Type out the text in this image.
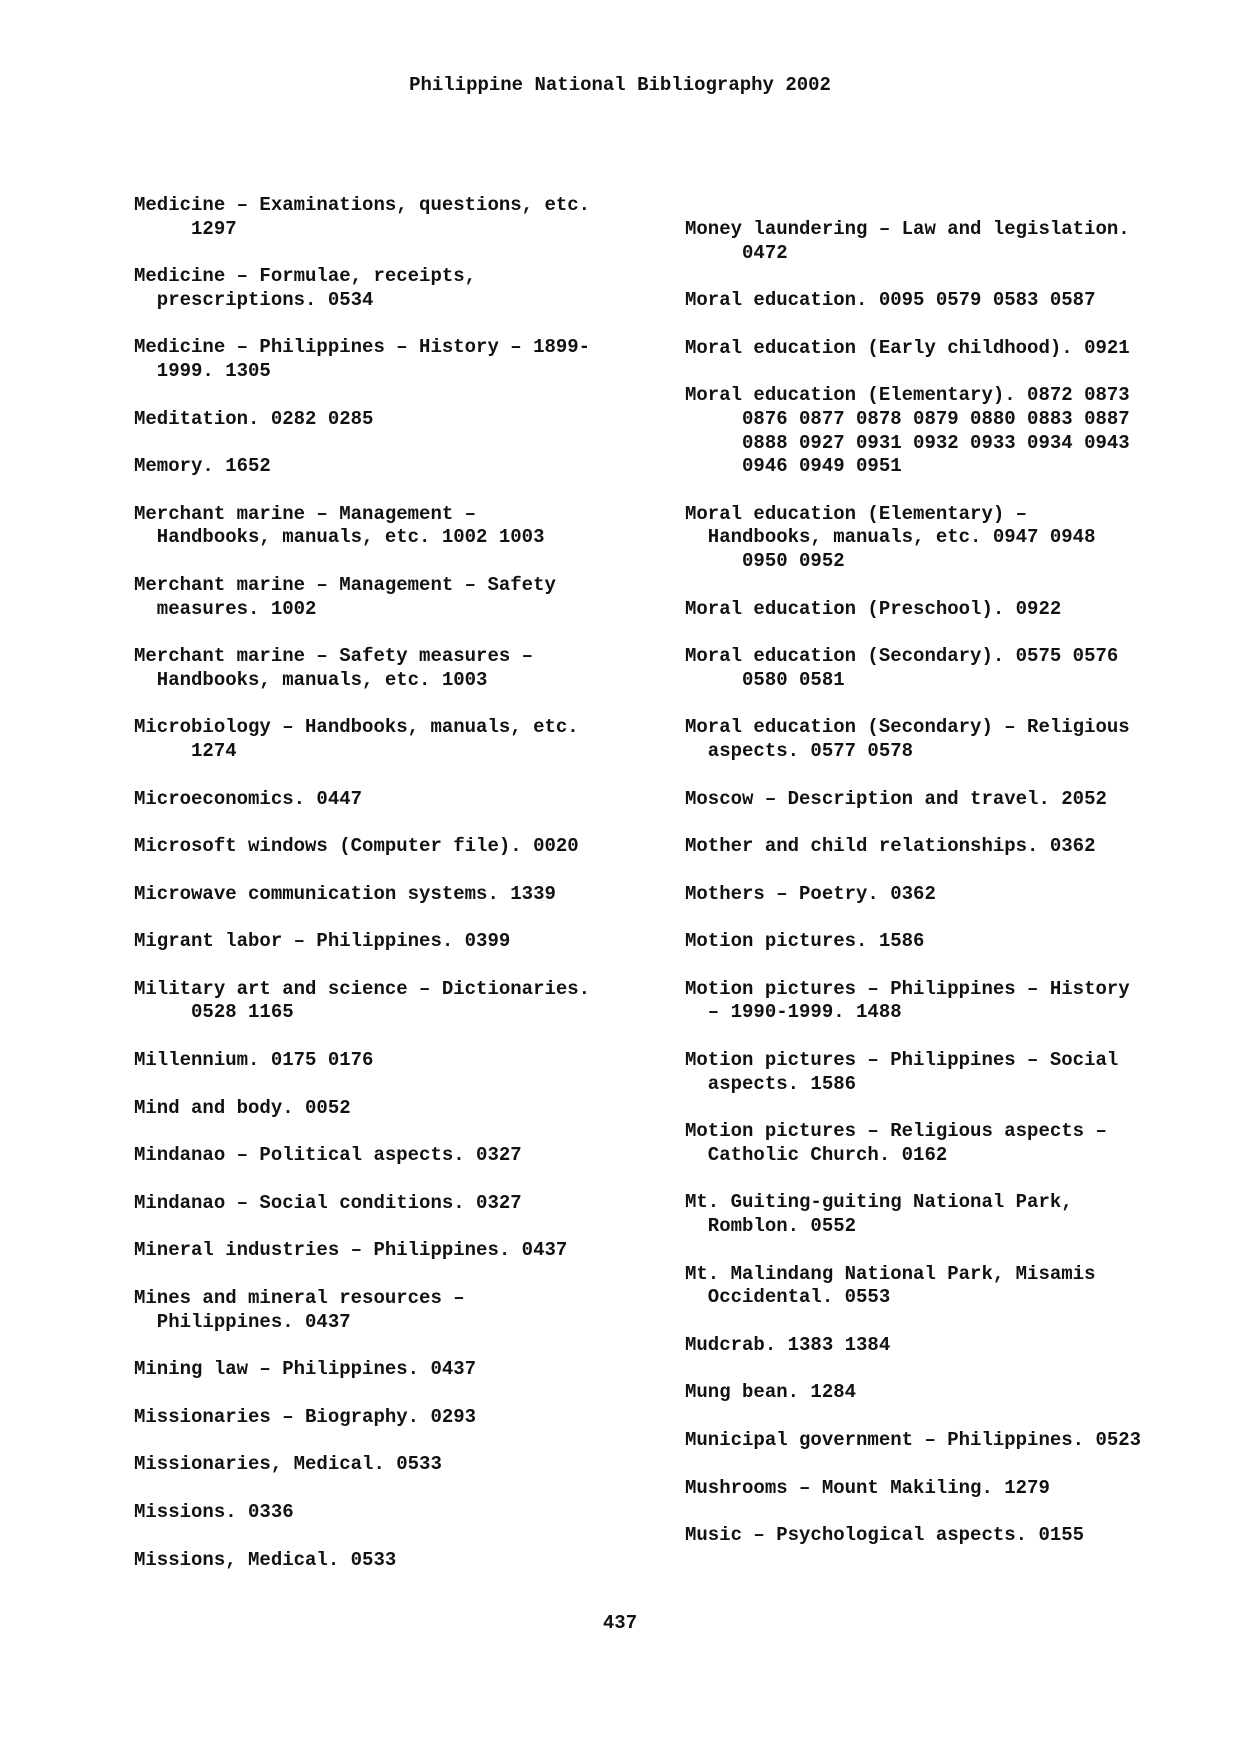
Philippine National Bibliography 2002
Medicine – Examinations, questions, etc.
1297
Medicine – Formulae, receipts,
prescriptions. 0534
Medicine – Philippines – History – 1899-
1999. 1305
Meditation. 0282 0285
Memory. 1652
Merchant marine – Management –
Handbooks, manuals, etc. 1002 1003
Merchant marine – Management – Safety
measures. 1002
Merchant marine – Safety measures –
Handbooks, manuals, etc. 1003
Microbiology – Handbooks, manuals, etc.
1274
Microeconomics. 0447
Microsoft windows (Computer file). 0020
Microwave communication systems. 1339
Migrant labor – Philippines. 0399
Military art and science – Dictionaries.
0528 1165
Millennium. 0175 0176
Mind and body. 0052
Mindanao – Political aspects. 0327
Mindanao – Social conditions. 0327
Mineral industries – Philippines. 0437
Mines and mineral resources –
Philippines. 0437
Mining law – Philippines. 0437
Missionaries – Biography. 0293
Missionaries, Medical. 0533
Missions. 0336
Missions, Medical. 0533
Money laundering – Law and legislation.
0472
Moral education. 0095 0579 0583 0587
Moral education (Early childhood). 0921
Moral education (Elementary). 0872 0873
0876 0877 0878 0879 0880 0883 0887
0888 0927 0931 0932 0933 0934 0943
0946 0949 0951
Moral education (Elementary) –
Handbooks, manuals, etc. 0947 0948
0950 0952
Moral education (Preschool). 0922
Moral education (Secondary). 0575 0576
0580 0581
Moral education (Secondary) – Religious
aspects. 0577 0578
Moscow – Description and travel. 2052
Mother and child relationships. 0362
Mothers – Poetry. 0362
Motion pictures. 1586
Motion pictures – Philippines – History
– 1990-1999. 1488
Motion pictures – Philippines – Social
aspects. 1586
Motion pictures – Religious aspects –
Catholic Church. 0162
Mt. Guiting-guiting National Park,
Romblon. 0552
Mt. Malindang National Park, Misamis
Occidental. 0553
Mudcrab. 1383 1384
Mung bean. 1284
Municipal government – Philippines. 0523
Mushrooms – Mount Makiling. 1279
Music – Psychological aspects. 0155
437
